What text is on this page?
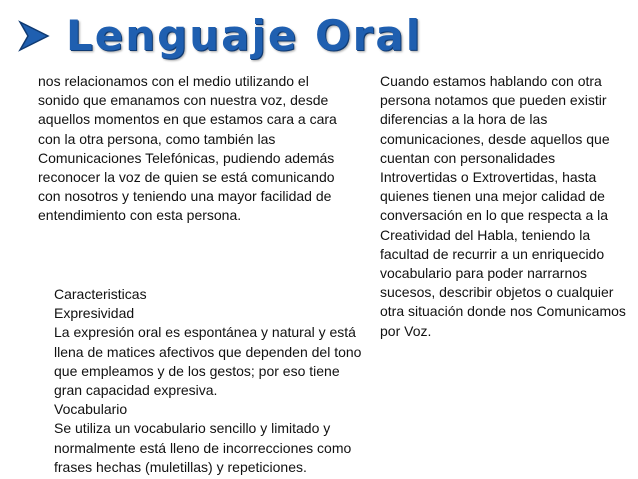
Lenguaje Oral

nos relacionamos con el medio utilizando el sonido que emanamos con nuestra voz, desde aquellos momentos en que estamos cara a cara con la otra persona, como también las Comunicaciones Telefónicas, pudiendo además reconocer la voz de quien se está comunicando con nosotros y teniendo una mayor facilidad de entendimiento con esta persona.

Caracteristicas
Expresividad
La expresión oral es espontánea y natural y está llena de matices afectivos que dependen del tono que empleamos y de los gestos; por eso tiene gran capacidad expresiva.
Vocabulario
Se utiliza un vocabulario sencillo y limitado y normalmente está lleno de incorrecciones como frases hechas (muletillas) y repeticiones.

Cuando estamos hablando con otra persona notamos que pueden existir diferencias a la hora de las comunicaciones, desde aquellos que cuentan con personalidades Introvertidas o Extrovertidas, hasta quienes tienen una mejor calidad de conversación en lo que respecta a la Creatividad del Habla, teniendo la facultad de recurrir a un enriquecido vocabulario para poder narrarnos sucesos, describir objetos o cualquier otra situación donde nos Comunicamos por Voz.
